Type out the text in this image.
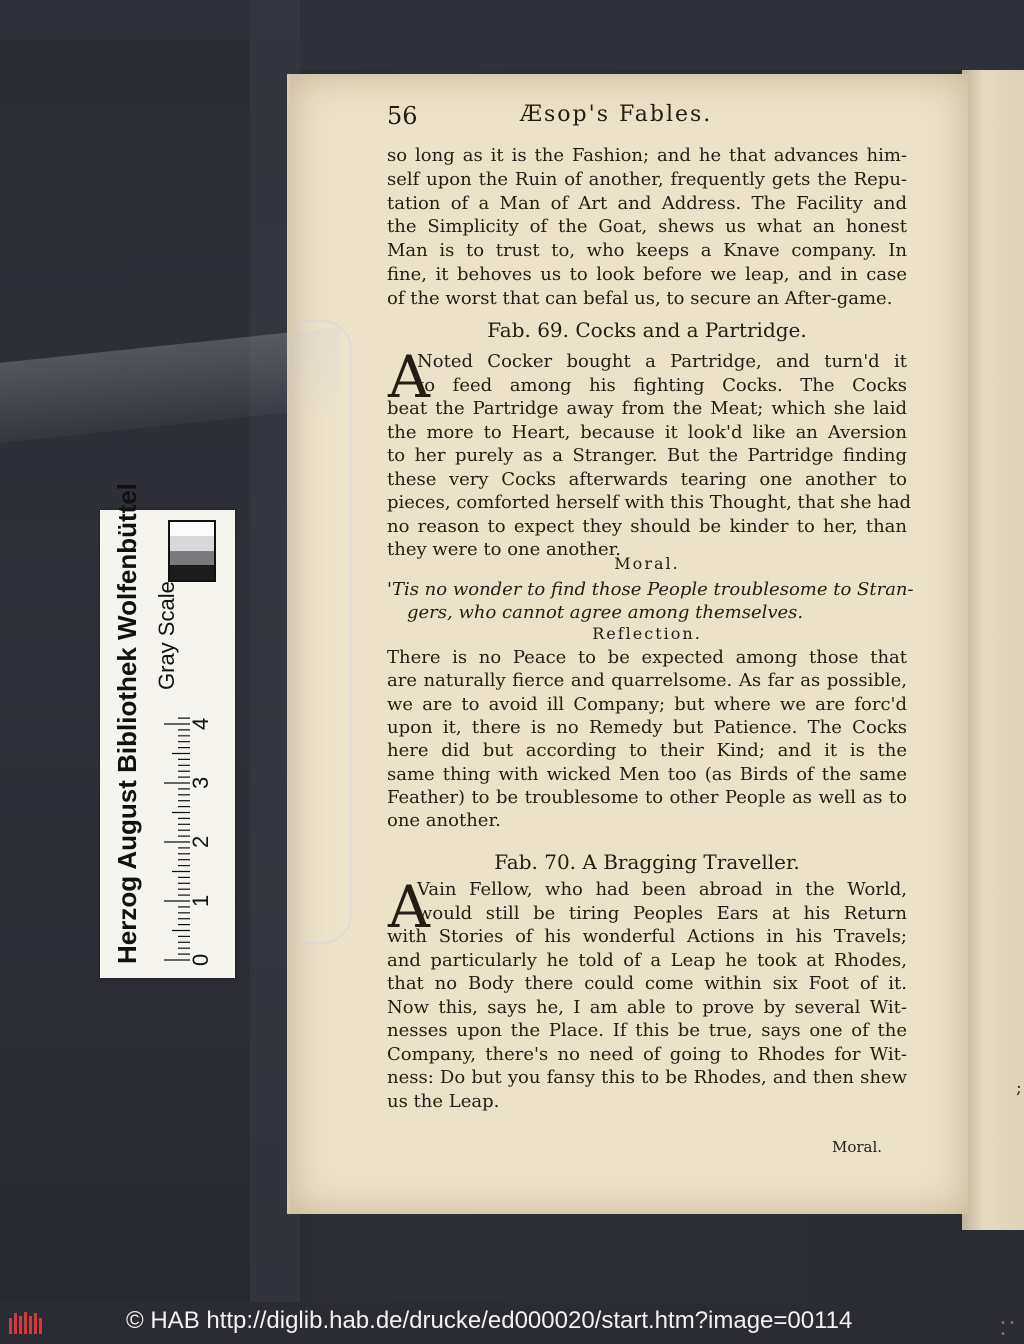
56	Æsop's Fables.
so long as it is the Fashion; and he that advances him-
self upon the Ruin of another, frequently gets the Repu-
tation of a Man of Art and Address. The Facility and
the Simplicity of the Goat, shews us what an honest
Man is to trust to, who keeps a Knave company. In
fine, it behoves us to look before we leap, and in case
of the worst that can befal us, to secure an After-game.
Fab. 69. Cocks and a Partridge.
A
Noted Cocker bought a Partridge, and turn'd it
to feed among his fighting Cocks. The Cocks
beat the Partridge away from the Meat; which she laid
the more to Heart, because it look'd like an Aversion
to her purely as a Stranger. But the Partridge finding
these very Cocks afterwards tearing one another to
pieces, comforted herself with this Thought, that she had
no reason to expect they should be kinder to her, than
they were to one another.
Moral.
'Tis no wonder to find those People troublesome to Stran-
gers, who cannot agree among themselves.
Reflection.
There is no Peace to be expected among those that
are naturally fierce and quarrelsome. As far as possible,
we are to avoid ill Company; but where we are forc'd
upon it, there is no Remedy but Patience. The Cocks
here did but according to their Kind; and it is the
same thing with wicked Men too (as Birds of the same
Feather) to be troublesome to other People as well as to
one another.
Fab. 70. A Bragging Traveller.
A
Vain Fellow, who had been abroad in the World,
would still be tiring Peoples Ears at his Return
with Stories of his wonderful Actions in his Travels;
and particularly he told of a Leap he took at Rhodes,
that no Body there could come within six Foot of it.
Now this, says he, I am able to prove by several Wit-
nesses upon the Place. If this be true, says one of the
Company, there's no need of going to Rhodes for Wit-
ness: Do but you fansy this to be Rhodes, and then shew
us the Leap.
Moral.
;
Herzog August Bibliothek Wolfenbüttel 0
1
2
3
4
Gray Scale
© HAB http://diglib.hab.de/drucke/ed000020/start.htm?image=00114	• • •
